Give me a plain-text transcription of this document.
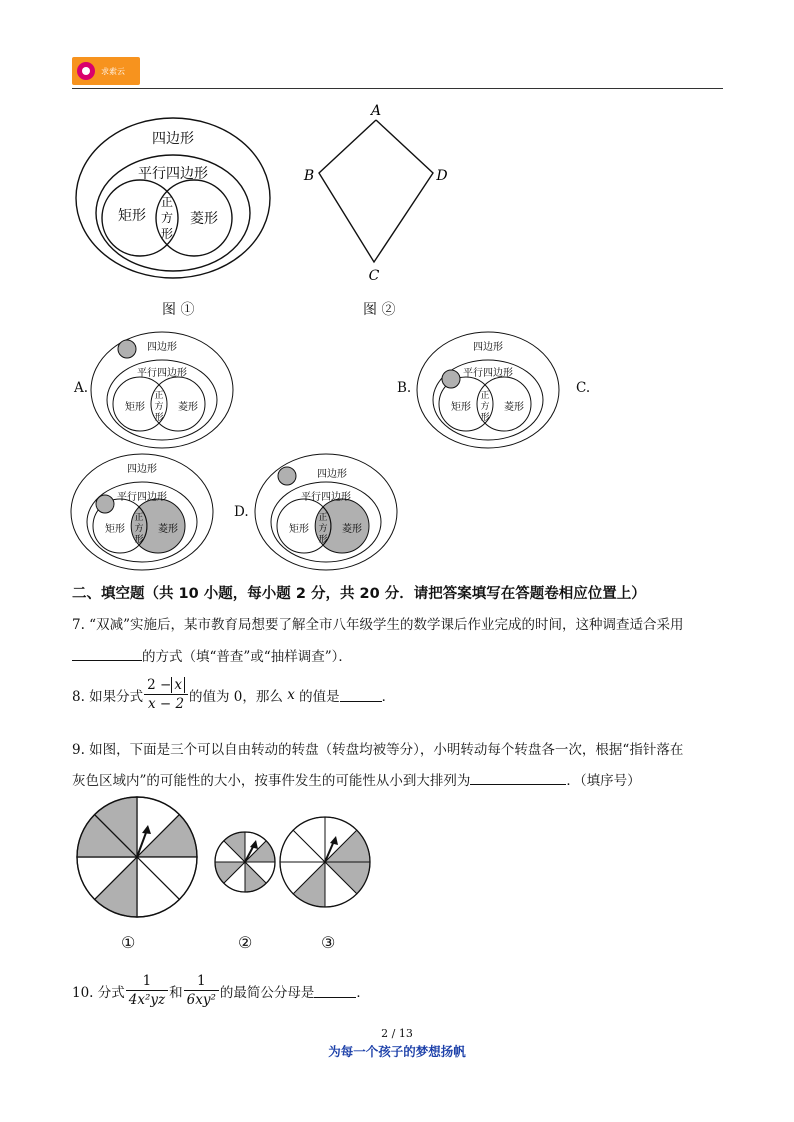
求索云
四边形
平行四边形
矩形	菱形
正
方
形
图 ①
A
B
C
D
图 ②
A.
四边形
平行四边形
矩形	菱形
正
方
形
B.
四边形
平行四边形
矩形	菱形
正
方
形
C.
四边形
平行四边形
矩形	菱形
正
方
形
D.
四边形
平行四边形
矩形	菱形
正
方
形
二、填空题（共 10 小题，每小题 2 分，共 20 分．请把答案填写在答题卷相应位置上）
7. “双减”实施后，某市教育局想要了解全市八年级学生的数学课后作业完成的时间，这种调查适合采用
的方式（填“普查”或“抽样调查”）．
8. 如果分式 $\frac{2 - x}{x - 2}$ 的值为 0，那么
x
的值是	．
9. 如图，下面是三个可以自由转动的转盘（转盘均被等分），小明转动每个转盘各一次，根据“指针落在
灰色区域内”的可能性的大小，按事件发生的可能性从小到大排列为	．（填序号）
①	②	③
10. 分式 $\frac{1}{\text{4x²yz}}$ 和 $\frac{1}{\text{6xy²}}$ 的最简公分母是	．
2 / 13
为每一个孩子的梦想扬帆
